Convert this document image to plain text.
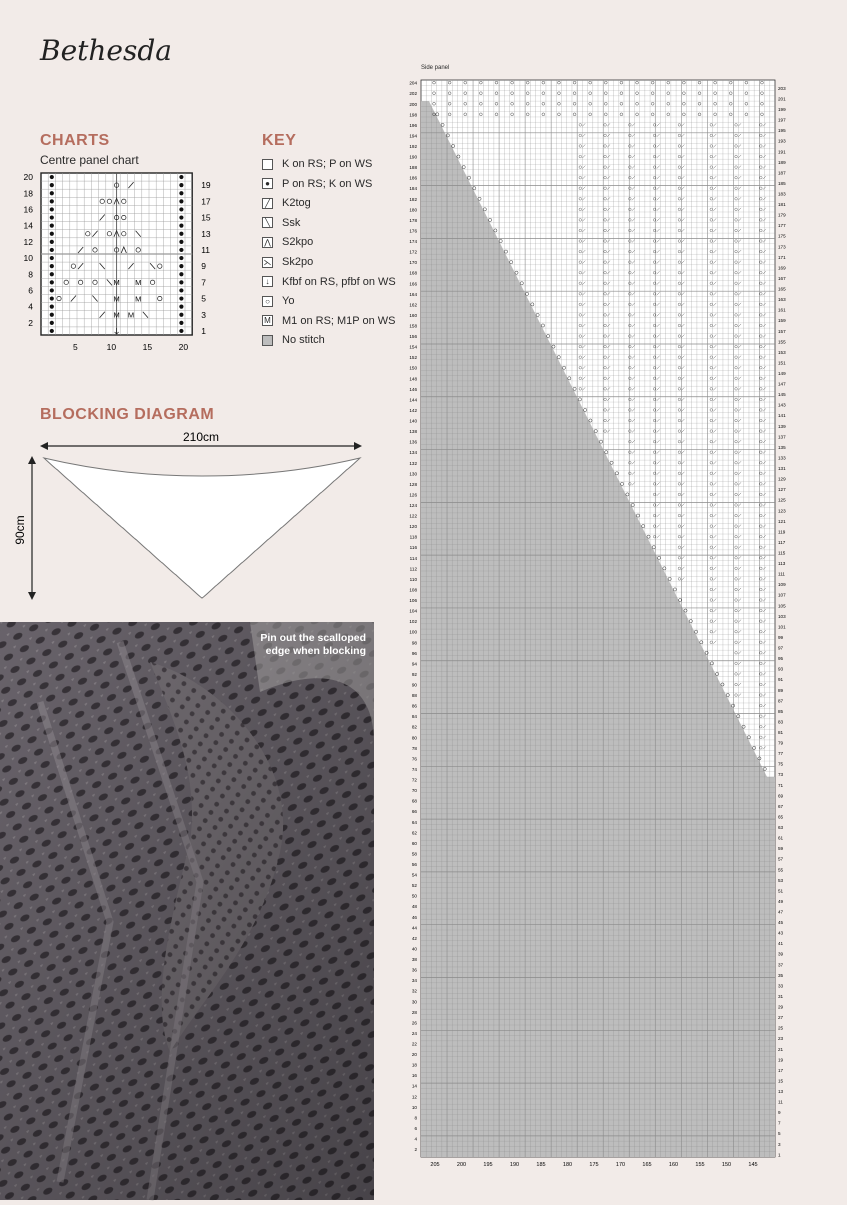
Bethesda
CHARTS
Centre panel chart
M M
M M
M M
20
18
16
14
12
10
8
6
4
2
19
17
15
13
11
9
7
5
3
1
20
15
10
5
KEY
K on RS; P on WS
● P on RS; K on WS
╱ K2tog
╲ Ssk
⋀ S2kpo
⋋ Sk2po
↓	Kfbf on RS, pfbf on WS
○ Yo
M M1 on RS; M1P on WS
No stitch
BLOCKING DIAGRAM
210cm
90cm
Pin out the scalloped edge when blocking
Side panel
204
202
200
198
196
194
192
190
188
186
184
182
180
178
176
174
172
170
168
166
164
162
160
158
156
154
152
150
148
146
144
142
140
138
136
134
132
130
128
126
124
122
120
118
116
114
112
110
108
106
104
102
100
98
96
94
92
90
88
86
84
82
80
78
76
74
72
70
68
66
64
62
60
58
56
54
52
50
48
46
44
42
40
38
36
34
32
30
28
26
24
22
20
18
16
14
12
10
8
6
4
2
203
201
199
197
195
193
191
189
187
185
183
181
179
177
175
173
171
169
167
165
163
161
159
157
155
153
151
149
147
145
143
141
139
137
135
133
131
129
127
125
123
121
119
117
115
113
111
109
107
105
103
101
99
97
95
93
91
89
87
85
83
81
79
77
75
73
71
69
67
65
63
61
59
57
55
53
51
49
47
45
43
41
39
37
35
33
31
29
27
25
23
21
19
17
15
13
11
9
7
5
3
1
205	200	195	190	185	180	175	170	165	160	155	150	145
